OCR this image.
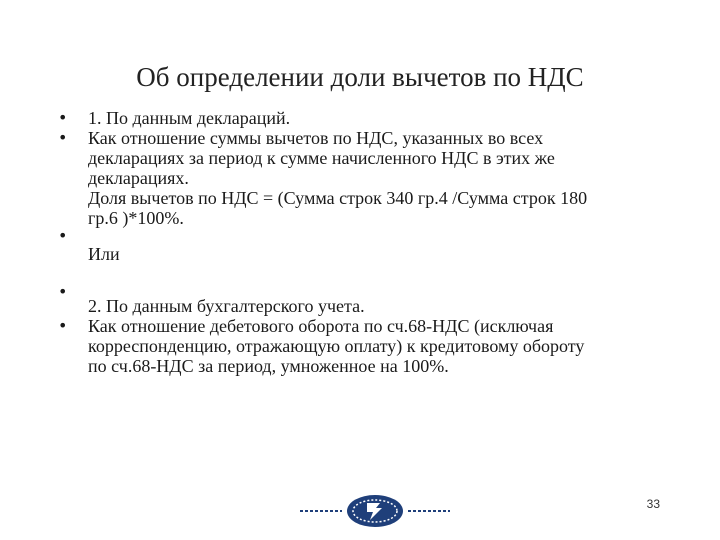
Об определении доли вычетов по НДС
•	1. По данным деклараций.
•	Как отношение суммы вычетов по НДС, указанных во всех
декларациях за период к сумме начисленного НДС в этих же
декларациях.
Доля вычетов по НДС = (Сумма строк 340 гр.4 /Сумма строк 180
гр.6 )*100%.
•
Или
•
2. По данным бухгалтерского учета.
•	Как отношение дебетового оборота по сч.68-НДС (исключая
корреспонденцию, отражающую оплату) к кредитовому обороту
по сч.68-НДС за период, умноженное на 100%.
33
